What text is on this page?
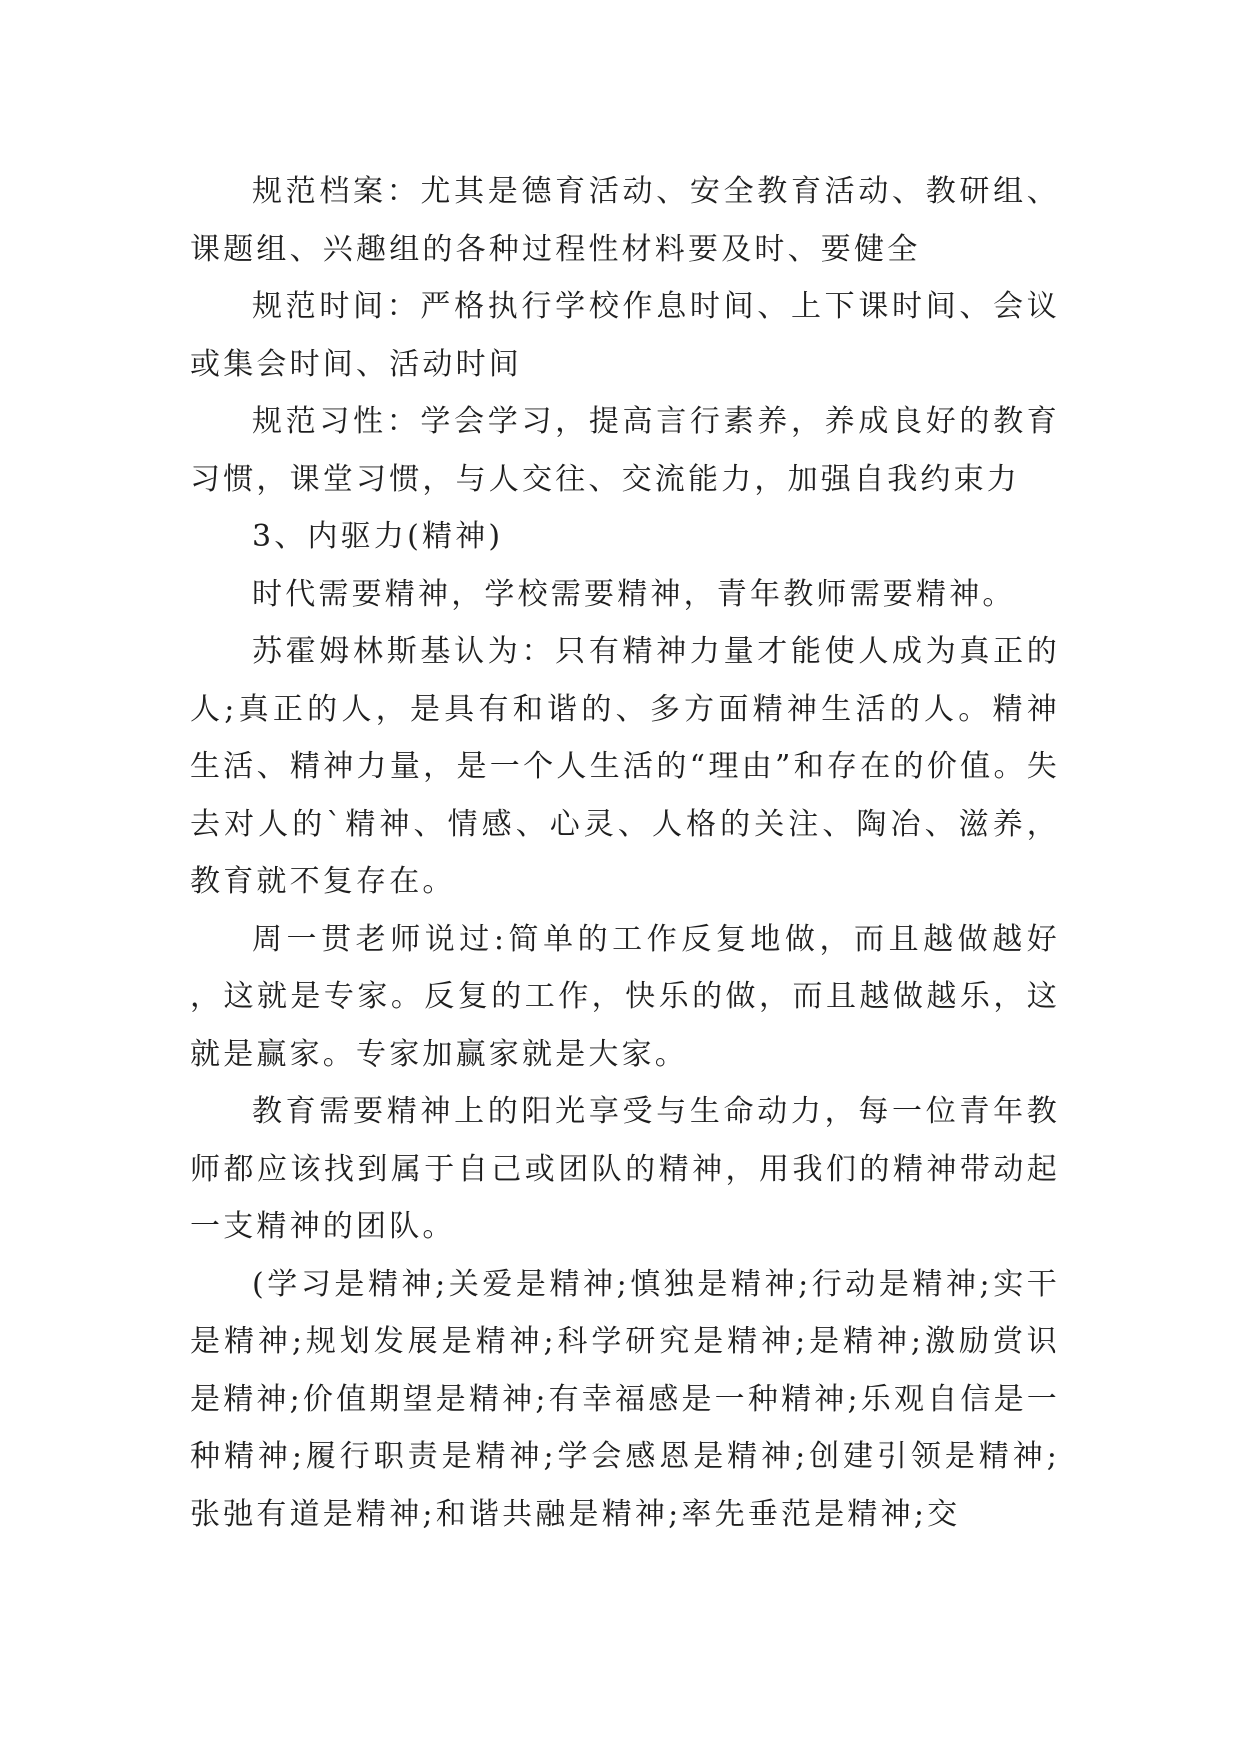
规范档案：尤其是德育活动、安全教育活动、教研组、课题组、兴趣组的各种过程性材料要及时、要健全

规范时间：严格执行学校作息时间、上下课时间、会议或集会时间、活动时间

规范习性：学会学习，提高言行素养，养成良好的教育习惯，课堂习惯，与人交往、交流能力，加强自我约束力

3、内驱力(精神)

时代需要精神，学校需要精神，青年教师需要精神。

苏霍姆林斯基认为：只有精神力量才能使人成为真正的人;真正的人，是具有和谐的、多方面精神生活的人。精神生活、精神力量，是一个人生活的“理由”和存在的价值。失去对人的`精神、情感、心灵、人格的关注、陶冶、滋养，教育就不复存在。

周一贯老师说过:简单的工作反复地做，而且越做越好，这就是专家。反复的工作，快乐的做，而且越做越乐，这就是赢家。专家加赢家就是大家。

教育需要精神上的阳光享受与生命动力，每一位青年教师都应该找到属于自己或团队的精神，用我们的精神带动起一支精神的团队。

(学习是精神;关爱是精神;慎独是精神;行动是精神;实干是精神;规划发展是精神;科学研究是精神;是精神;激励赏识是精神;价值期望是精神;有幸福感是一种精神;乐观自信是一种精神;履行职责是精神;学会感恩是精神;创建引领是精神;张弛有道是精神;和谐共融是精神;率先垂范是精神;交
